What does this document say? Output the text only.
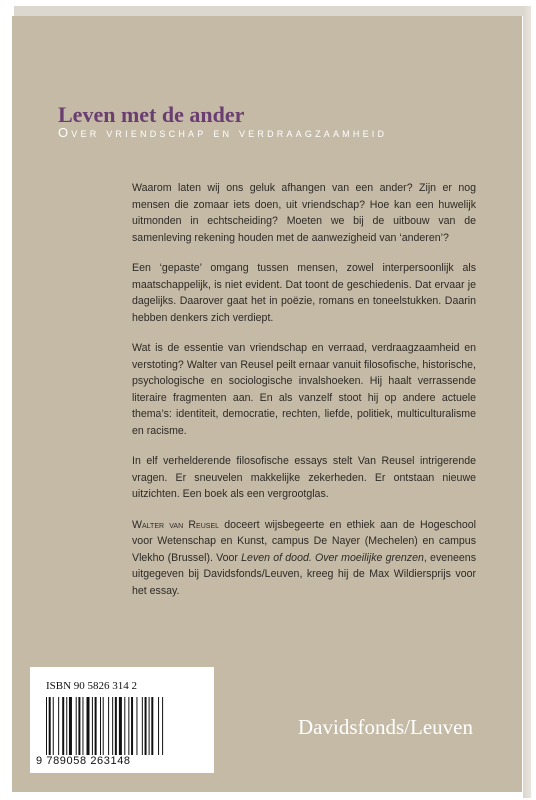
Leven met de ander
Over vriendschap en verdraagzaamheid

Waarom laten wij ons geluk afhangen van een ander? Zijn er nog mensen die zomaar iets doen, uit vriendschap? Hoe kan een huwelijk uitmonden in echtscheiding? Moeten we bij de uitbouw van de samenleving rekening houden met de aanwezigheid van ‘anderen’?

Een ‘gepaste’ omgang tussen mensen, zowel interpersoonlijk als maatschappelijk, is niet evident. Dat toont de geschiedenis. Dat ervaar je dagelijks. Daarover gaat het in poëzie, romans en toneelstukken. Daarin hebben denkers zich verdiept.

Wat is de essentie van vriendschap en verraad, verdraagzaamheid en verstoting? Walter van Reusel peilt ernaar vanuit filosofische, historische, psychologische en sociologische invalshoeken. Hij haalt verrassende literaire fragmenten aan. En als vanzelf stoot hij op andere actuele thema’s: identiteit, democratie, rechten, liefde, politiek, multiculturalisme en racisme.

In elf verhelderende filosofische essays stelt Van Reusel intrigerende vragen. Er sneuvelen makkelijke zekerheden. Er ontstaan nieuwe uitzichten. Een boek als een vergrootglas.

Walter van Reusel doceert wijsbegeerte en ethiek aan de Hogeschool voor Wetenschap en Kunst, campus De Nayer (Mechelen) en campus Vlekho (Brussel). Voor Leven of dood. Over moeilijke grenzen, eveneens uitgegeven bij Davidsfonds/Leuven, kreeg hij de Max Wildiersprijs voor het essay.

ISBN 90 5826 314 2
9 789058 263148
Davidsfonds/Leuven
